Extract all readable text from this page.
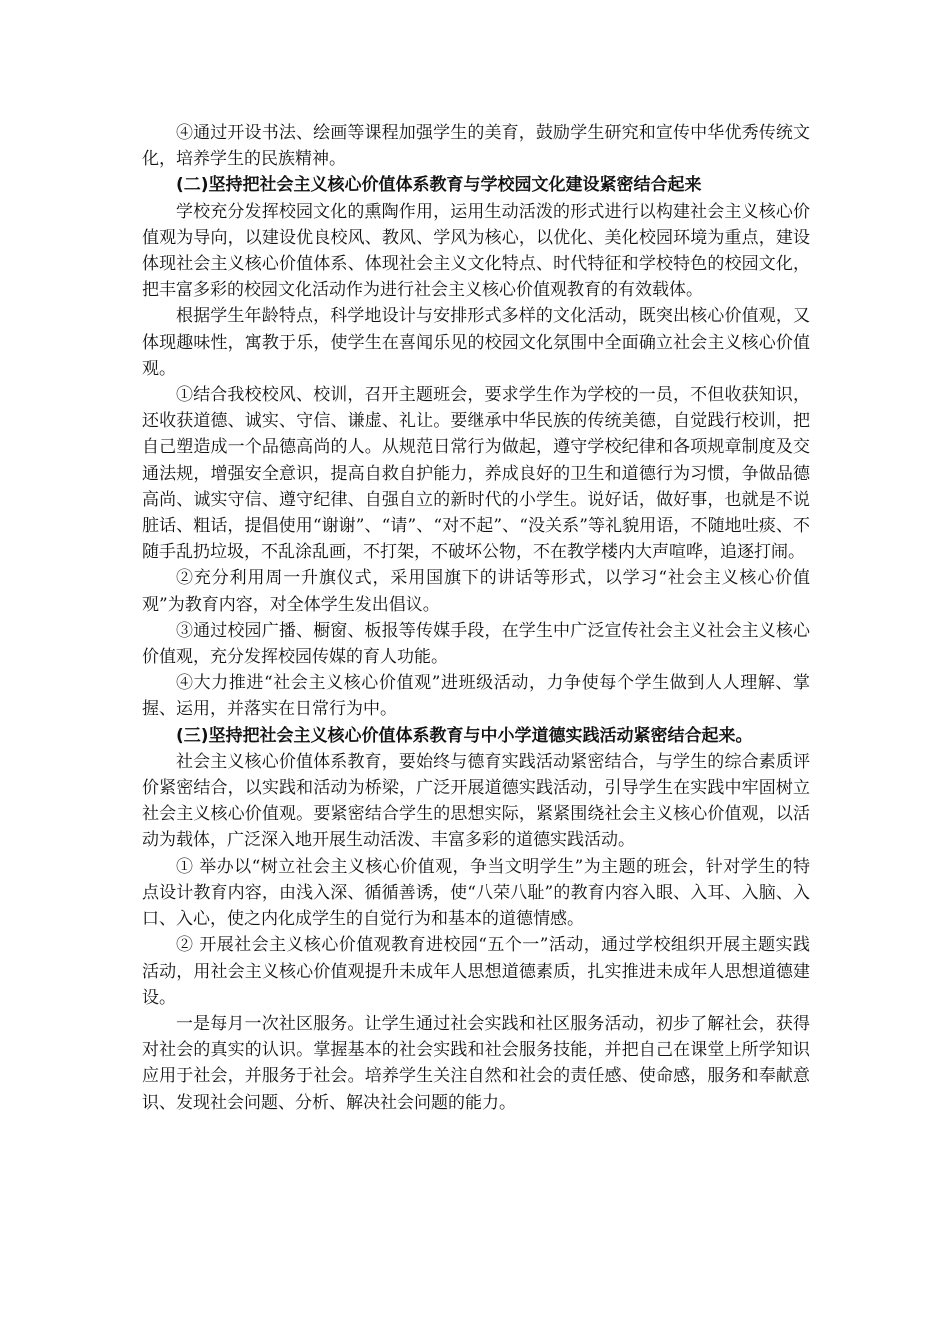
④通过开设书法、绘画等课程加强学生的美育，鼓励学生研究和宣传中华优秀传统文化，培养学生的民族精神。

(二)坚持把社会主义核心价值体系教育与学校园文化建设紧密结合起来

学校充分发挥校园文化的熏陶作用，运用生动活泼的形式进行以构建社会主义核心价值观为导向，以建设优良校风、教风、学风为核心，以优化、美化校园环境为重点，建设体现社会主义核心价值体系、体现社会主义文化特点、时代特征和学校特色的校园文化，把丰富多彩的校园文化活动作为进行社会主义核心价值观教育的有效载体。

根据学生年龄特点，科学地设计与安排形式多样的文化活动，既突出核心价值观，又体现趣味性，寓教于乐，使学生在喜闻乐见的校园文化氛围中全面确立社会主义核心价值观。

①结合我校校风、校训，召开主题班会，要求学生作为学校的一员，不但收获知识，还收获道德、诚实、守信、谦虚、礼让。要继承中华民族的传统美德，自觉践行校训，把自己塑造成一个品德高尚的人。从规范日常行为做起，遵守学校纪律和各项规章制度及交通法规，增强安全意识，提高自救自护能力，养成良好的卫生和道德行为习惯，争做品德高尚、诚实守信、遵守纪律、自强自立的新时代的小学生。说好话，做好事，也就是不说脏话、粗话，提倡使用“谢谢”、“请”、“对不起”、“没关系”等礼貌用语，不随地吐痰、不随手乱扔垃圾，不乱涂乱画，不打架，不破坏公物，不在教学楼内大声喧哗，追逐打闹。

②充分利用周一升旗仪式，采用国旗下的讲话等形式，以学习“社会主义核心价值观”为教育内容，对全体学生发出倡议。

③通过校园广播、橱窗、板报等传媒手段，在学生中广泛宣传社会主义社会主义核心价值观，充分发挥校园传媒的育人功能。

④大力推进“社会主义核心价值观”进班级活动，力争使每个学生做到人人理解、掌握、运用，并落实在日常行为中。

(三)坚持把社会主义核心价值体系教育与中小学道德实践活动紧密结合起来。

社会主义核心价值体系教育，要始终与德育实践活动紧密结合，与学生的综合素质评价紧密结合，以实践和活动为桥梁，广泛开展道德实践活动，引导学生在实践中牢固树立社会主义核心价值观。要紧密结合学生的思想实际，紧紧围绕社会主义核心价值观，以活动为载体，广泛深入地开展生动活泼、丰富多彩的道德实践活动。

① 举办以“树立社会主义核心价值观，争当文明学生”为主题的班会，针对学生的特点设计教育内容，由浅入深、循循善诱，使“八荣八耻”的教育内容入眼、入耳、入脑、入口、入心，使之内化成学生的自觉行为和基本的道德情感。

② 开展社会主义核心价值观教育进校园“五个一”活动，通过学校组织开展主题实践活动，用社会主义核心价值观提升未成年人思想道德素质，扎实推进未成年人思想道德建设。

一是每月一次社区服务。让学生通过社会实践和社区服务活动，初步了解社会，获得对社会的真实的认识。掌握基本的社会实践和社会服务技能，并把自己在课堂上所学知识应用于社会，并服务于社会。培养学生关注自然和社会的责任感、使命感，服务和奉献意识、发现社会问题、分析、解决社会问题的能力。
